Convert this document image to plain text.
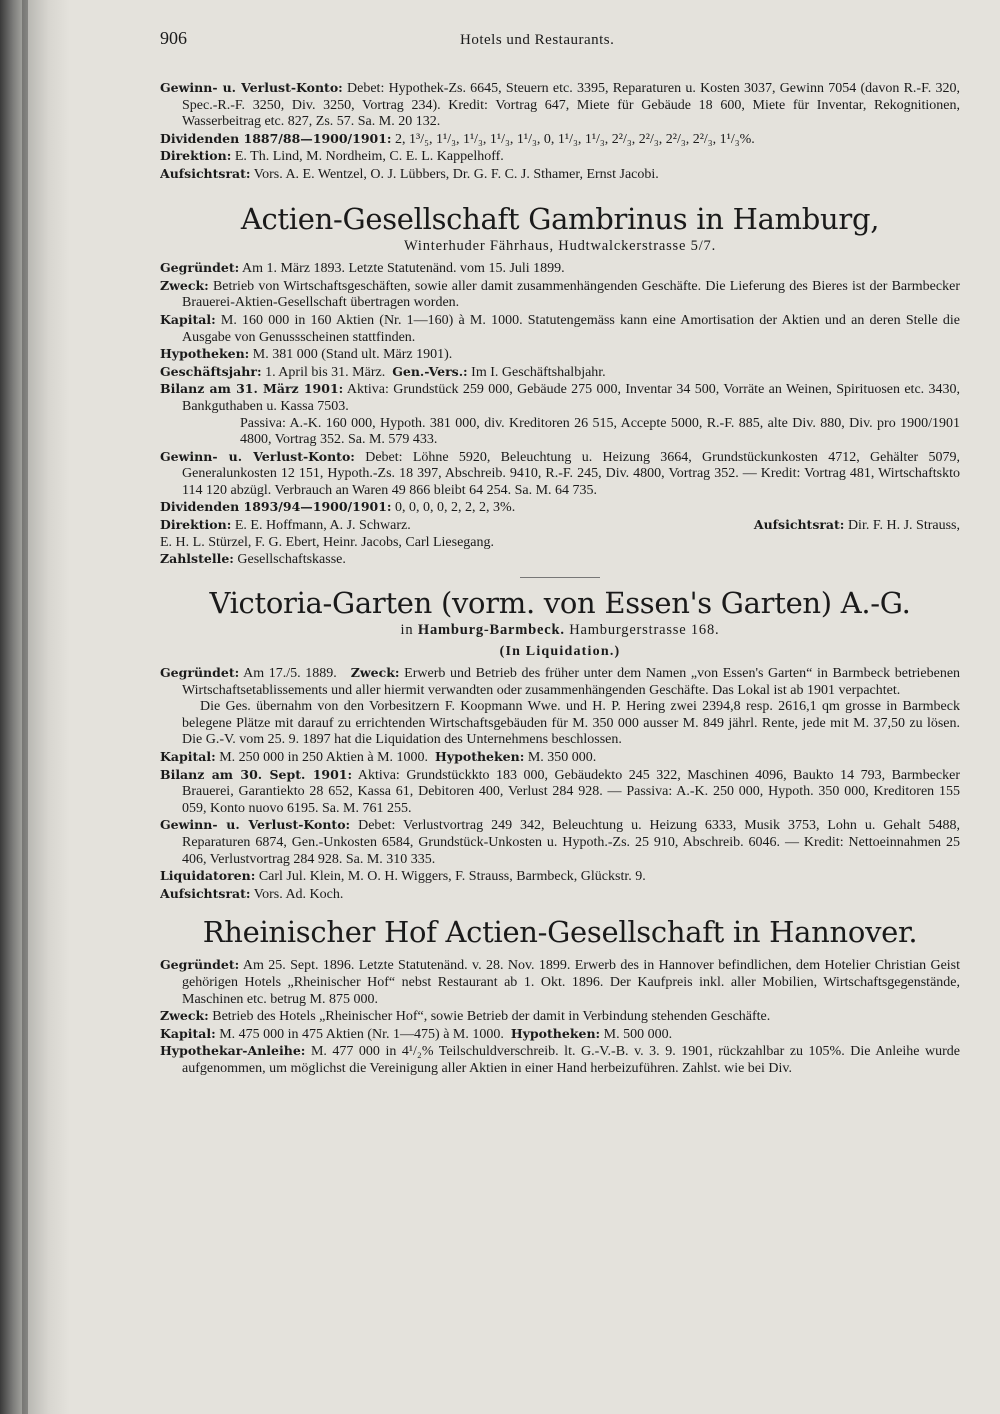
906	Hotels und Restaurants.

Gewinn- u. Verlust-Konto: Debet: Hypothek-Zs. 6645, Steuern etc. 3395, Reparaturen u. Kosten 3037, Gewinn 7054 (davon R.-F. 320, Spec.-R.-F. 3250, Div. 3250, Vortrag 234). Kredit: Vortrag 647, Miete für Gebäude 18 600, Miete für Inventar, Rekognitionen, Wasserbeitrag etc. 827, Zs. 57. Sa. M. 20 132.

Dividenden 1887/88—1900/1901: 2, 1³/₅, 1¹/₃, 1¹/₃, 1¹/₃, 1¹/₃, 0, 1¹/₃, 1¹/₃, 2²/₃, 2²/₃, 2²/₃, 2²/₃, 1¹/₃%.

Direktion: E. Th. Lind, M. Nordheim, C. E. L. Kappelhoff.

Aufsichtsrat: Vors. A. E. Wentzel, O. J. Lübbers, Dr. G. F. C. J. Sthamer, Ernst Jacobi.

Actien-Gesellschaft Gambrinus in Hamburg,
Winterhuder Fährhaus, Hudtwalckerstrasse 5/7.

Gegründet: Am 1. März 1893. Letzte Statutenänd. vom 15. Juli 1899.

Zweck: Betrieb von Wirtschaftsgeschäften, sowie aller damit zusammenhängenden Geschäfte. Die Lieferung des Bieres ist der Barmbecker Brauerei-Aktien-Gesellschaft übertragen worden.

Kapital: M. 160 000 in 160 Aktien (Nr. 1—160) à M. 1000. Statutengemäss kann eine Amortisation der Aktien und an deren Stelle die Ausgabe von Genussscheinen stattfinden.

Hypotheken: M. 381 000 (Stand ult. März 1901).

Geschäftsjahr: 1. April bis 31. März. Gen.-Vers.: Im I. Geschäftshalbjahr.

Bilanz am 31. März 1901: Aktiva: Grundstück 259 000, Gebäude 275 000, Inventar 34 500, Vorräte an Weinen, Spirituosen etc. 3430, Bankguthaben u. Kassa 7503.

Passiva: A.-K. 160 000, Hypoth. 381 000, div. Kreditoren 26 515, Accepte 5000, R.-F. 885, alte Div. 880, Div. pro 1900/1901 4800, Vortrag 352. Sa. M. 579 433.

Gewinn- u. Verlust-Konto: Debet: Löhne 5920, Beleuchtung u. Heizung 3664, Grundstückunkosten 4712, Gehälter 5079, Generalunkosten 12 151, Hypoth.-Zs. 18 397, Abschreib. 9410, R.-F. 245, Div. 4800, Vortrag 352. — Kredit: Vortrag 481, Wirtschaftskto 114 120 abzügl. Verbrauch an Waren 49 866 bleibt 64 254. Sa. M. 64 735.

Dividenden 1893/94—1900/1901: 0, 0, 0, 0, 2, 2, 2, 3%.

Aufsichtsrat: Dir. F. H. J. Strauss,
Direktion: E. E. Hoffmann, A. J. Schwarz.

E. H. L. Stürzel, F. G. Ebert, Heinr. Jacobs, Carl Liesegang.

Zahlstelle: Gesellschaftskasse.

Victoria-Garten (vorm. von Essen's Garten) A.-G.
in Hamburg-Barmbeck. Hamburgerstrasse 168.
(In Liquidation.)

Gegründet: Am 17./5. 1889. Zweck: Erwerb und Betrieb des früher unter dem Namen „von Essen's Garten“ in Barmbeck betriebenen Wirtschaftsetablissements und aller hiermit verwandten oder zusammenhängenden Geschäfte. Das Lokal ist ab 1901 verpachtet.

Die Ges. übernahm von den Vorbesitzern F. Koopmann Wwe. und H. P. Hering zwei 2394,8 resp. 2616,1 qm grosse in Barmbeck belegene Plätze mit darauf zu errichtenden Wirtschaftsgebäuden für M. 350 000 ausser M. 849 jährl. Rente, jede mit M. 37,50 zu lösen. Die G.-V. vom 25. 9. 1897 hat die Liquidation des Unternehmens beschlossen.

Kapital: M. 250 000 in 250 Aktien à M. 1000. Hypotheken: M. 350 000.

Bilanz am 30. Sept. 1901: Aktiva: Grundstückkto 183 000, Gebäudekto 245 322, Maschinen 4096, Baukto 14 793, Barmbecker Brauerei, Garantiekto 28 652, Kassa 61, Debitoren 400, Verlust 284 928. — Passiva: A.-K. 250 000, Hypoth. 350 000, Kreditoren 155 059, Konto nuovo 6195. Sa. M. 761 255.

Gewinn- u. Verlust-Konto: Debet: Verlustvortrag 249 342, Beleuchtung u. Heizung 6333, Musik 3753, Lohn u. Gehalt 5488, Reparaturen 6874, Gen.-Unkosten 6584, Grundstück-Unkosten u. Hypoth.-Zs. 25 910, Abschreib. 6046. — Kredit: Nettoeinnahmen 25 406, Verlustvortrag 284 928. Sa. M. 310 335.

Liquidatoren: Carl Jul. Klein, M. O. H. Wiggers, F. Strauss, Barmbeck, Glückstr. 9.

Aufsichtsrat: Vors. Ad. Koch.

Rheinischer Hof Actien-Gesellschaft in Hannover.

Gegründet: Am 25. Sept. 1896. Letzte Statutenänd. v. 28. Nov. 1899. Erwerb des in Hannover befindlichen, dem Hotelier Christian Geist gehörigen Hotels „Rheinischer Hof“ nebst Restaurant ab 1. Okt. 1896. Der Kaufpreis inkl. aller Mobilien, Wirtschaftsgegenstände, Maschinen etc. betrug M. 875 000.

Zweck: Betrieb des Hotels „Rheinischer Hof“, sowie Betrieb der damit in Verbindung stehenden Geschäfte.

Kapital: M. 475 000 in 475 Aktien (Nr. 1—475) à M. 1000. Hypotheken: M. 500 000.

Hypothekar-Anleihe: M. 477 000 in 4¹/₂% Teilschuldverschreib. lt. G.-V.-B. v. 3. 9. 1901, rückzahlbar zu 105%. Die Anleihe wurde aufgenommen, um möglichst die Vereinigung aller Aktien in einer Hand herbeizuführen. Zahlst. wie bei Div.
